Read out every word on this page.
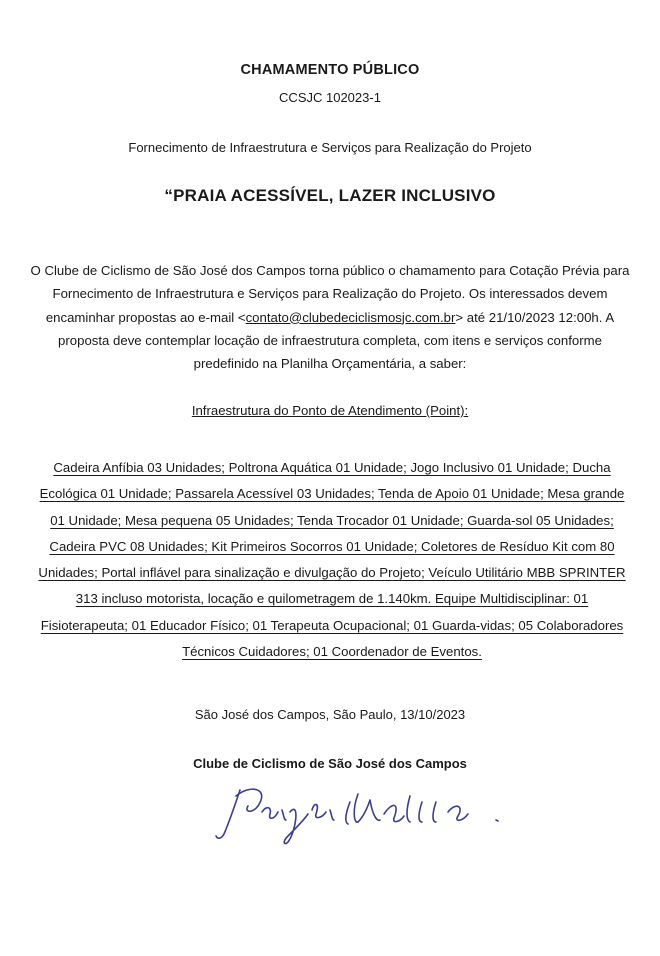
CHAMAMENTO PÚBLICO
CCSJC 102023-1
Fornecimento de Infraestrutura e Serviços para Realização do Projeto
“PRAIA ACESSÍVEL, LAZER INCLUSIVO
O Clube de Ciclismo de São José dos Campos torna público o chamamento para Cotação Prévia para Fornecimento de Infraestrutura e Serviços para Realização do Projeto. Os interessados devem encaminhar propostas ao e-mail <contato@clubedeciclismosjc.com.br> até 21/10/2023 12:00h. A proposta deve contemplar locação de infraestrutura completa, com itens e serviços conforme predefinido na Planilha Orçamentária, a saber:
Infraestrutura do Ponto de Atendimento (Point):
Cadeira Anfíbia 03 Unidades; Poltrona Aquática 01 Unidade; Jogo Inclusivo 01 Unidade; Ducha Ecológica 01 Unidade; Passarela Acessível 03 Unidades; Tenda de Apoio 01 Unidade; Mesa grande 01 Unidade; Mesa pequena 05 Unidades; Tenda Trocador 01 Unidade; Guarda-sol 05 Unidades; Cadeira PVC 08 Unidades; Kit Primeiros Socorros 01 Unidade; Coletores de Resíduo Kit com 80 Unidades; Portal inflável para sinalização e divulgação do Projeto; Veículo Utilitário MBB SPRINTER 313 incluso motorista, locação e quilometragem de 1.140km. Equipe Multidisciplinar: 01 Fisioterapeuta; 01 Educador Físico; 01 Terapeuta Ocupacional; 01 Guarda-vidas; 05 Colaboradores Técnicos Cuidadores; 01 Coordenador de Eventos.
São José dos Campos, São Paulo, 13/10/2023
Clube de Ciclismo de São José dos Campos
